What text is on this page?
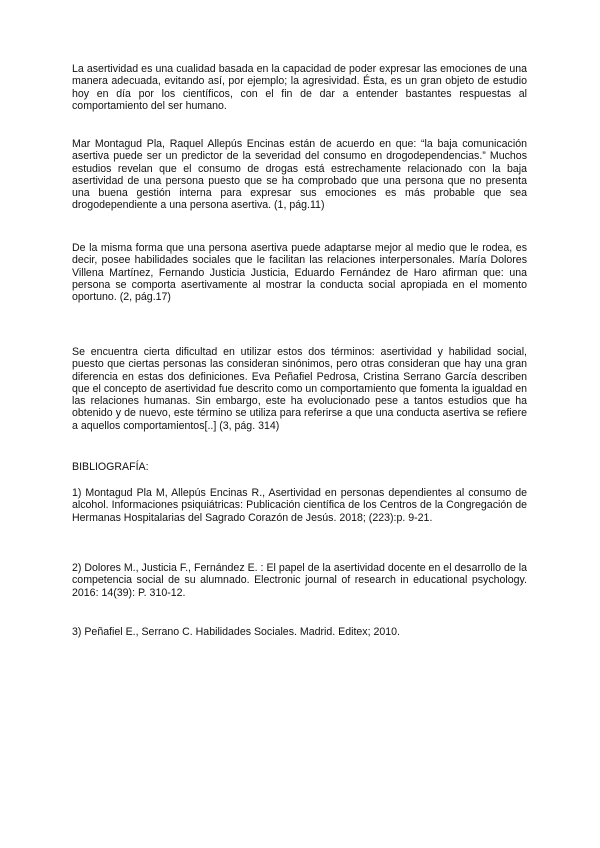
La asertividad es una cualidad basada en la capacidad de poder expresar las emociones de una manera adecuada, evitando así, por ejemplo; la agresividad. Ésta, es un gran objeto de estudio hoy en día por los científicos, con el fin de dar a entender bastantes respuestas al comportamiento del ser humano.

Mar Montagud Pla, Raquel Allepús Encinas están de acuerdo en que: “la baja comunicación asertiva puede ser un predictor de la severidad del consumo en drogodependencias.” Muchos estudios revelan que el consumo de drogas está estrechamente relacionado con la baja asertividad de una persona puesto que se ha comprobado que una persona que no presenta una buena gestión interna para expresar sus emociones es más probable que sea drogodependiente a una persona asertiva. (1, pág.11)

De la misma forma que una persona asertiva puede adaptarse mejor al medio que le rodea, es decir, posee habilidades sociales que le facilitan las relaciones interpersonales. María Dolores Villena Martínez, Fernando Justicia Justicia, Eduardo Fernández de Haro afirman que: una persona se comporta asertivamente al mostrar la conducta social apropiada en el momento oportuno. (2, pág.17)

Se encuentra cierta dificultad en utilizar estos dos términos: asertividad y habilidad social, puesto que ciertas personas las consideran sinónimos, pero otras consideran que hay una gran diferencia en estas dos definiciones. Eva Peñafiel Pedrosa, Cristina Serrano García describen que el concepto de asertividad fue descrito como un comportamiento que fomenta la igualdad en las relaciones humanas. Sin embargo, este ha evolucionado pese a tantos estudios que ha obtenido y de nuevo, este término se utiliza para referirse a que una conducta asertiva se refiere a aquellos comportamientos[..] (3, pág. 314)

BIBLIOGRAFÍA:

1) Montagud Pla M, Allepús Encinas R., Asertividad en personas dependientes al consumo de alcohol. Informaciones psiquiátricas: Publicación científica de los Centros de la Congregación de Hermanas Hospitalarias del Sagrado Corazón de Jesús. 2018; (223):p. 9-21.

2) Dolores M., Justicia F., Fernández E. : El papel de la asertividad docente en el desarrollo de la competencia social de su alumnado. Electronic journal of research in educational psychology. 2016: 14(39): P. 310-12.

3) Peñafiel E., Serrano C. Habilidades Sociales. Madrid. Editex; 2010.
